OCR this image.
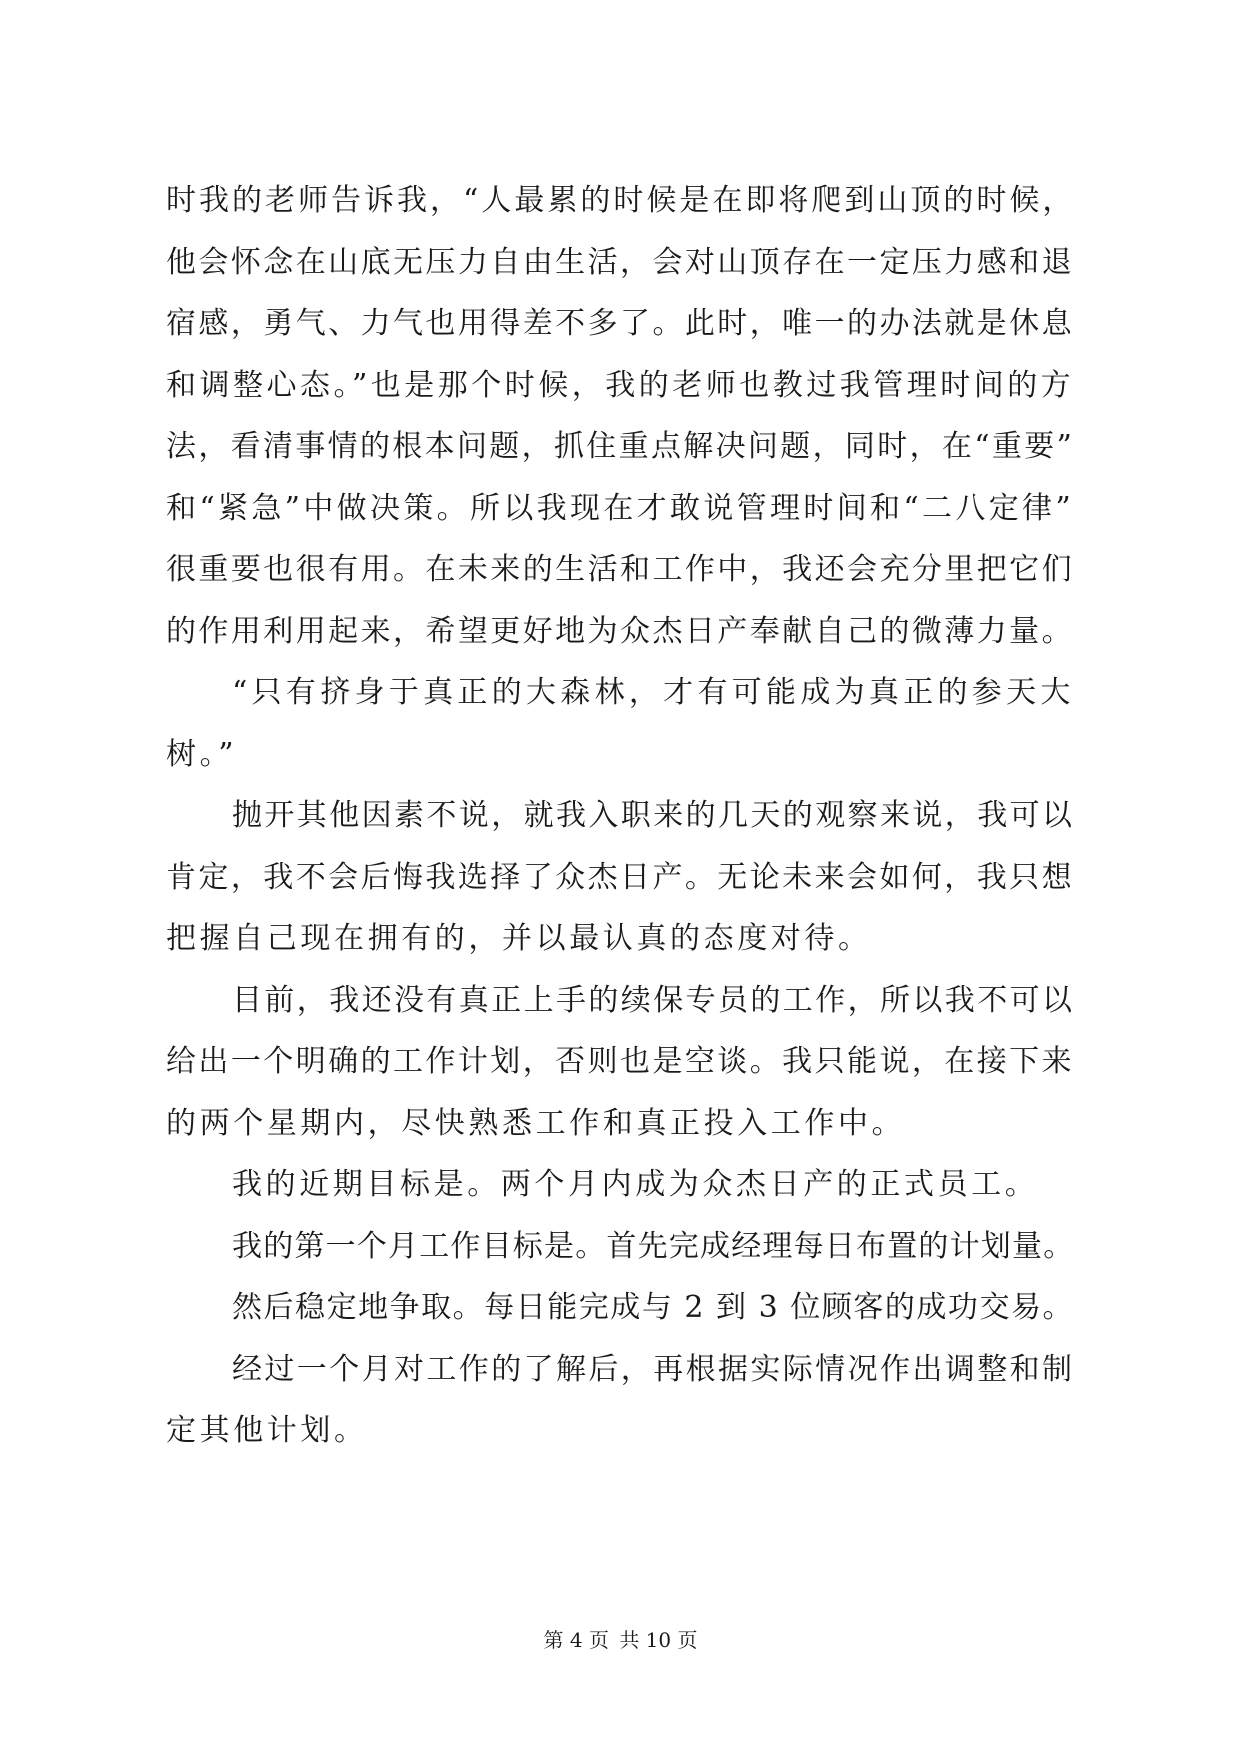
时我的老师告诉我，“人最累的时候是在即将爬到山顶的时候，
他会怀念在山底无压力自由生活，会对山顶存在一定压力感和退
宿感，勇气、力气也用得差不多了。此时，唯一的办法就是休息
和调整心态。”也是那个时候，我的老师也教过我管理时间的方
法，看清事情的根本问题，抓住重点解决问题，同时，在“重要”
和“紧急”中做决策。所以我现在才敢说管理时间和“二八定律”
很重要也很有用。在未来的生活和工作中，我还会充分里把它们
的作用利用起来，希望更好地为众杰日产奉献自己的微薄力量。
“只有挤身于真正的大森林，才有可能成为真正的参天大
树。”
抛开其他因素不说，就我入职来的几天的观察来说，我可以
肯定，我不会后悔我选择了众杰日产。无论未来会如何，我只想
把握自己现在拥有的，并以最认真的态度对待。
目前，我还没有真正上手的续保专员的工作，所以我不可以
给出一个明确的工作计划，否则也是空谈。我只能说，在接下来
的两个星期内，尽快熟悉工作和真正投入工作中。
我的近期目标是。两个月内成为众杰日产的正式员工。
我的第一个月工作目标是。首先完成经理每日布置的计划量。
然后稳定地争取。每日能完成与 2 到 3 位顾客的成功交易。
经过一个月对工作的了解后，再根据实际情况作出调整和制
定其他计划。
第 4 页 共 10 页
